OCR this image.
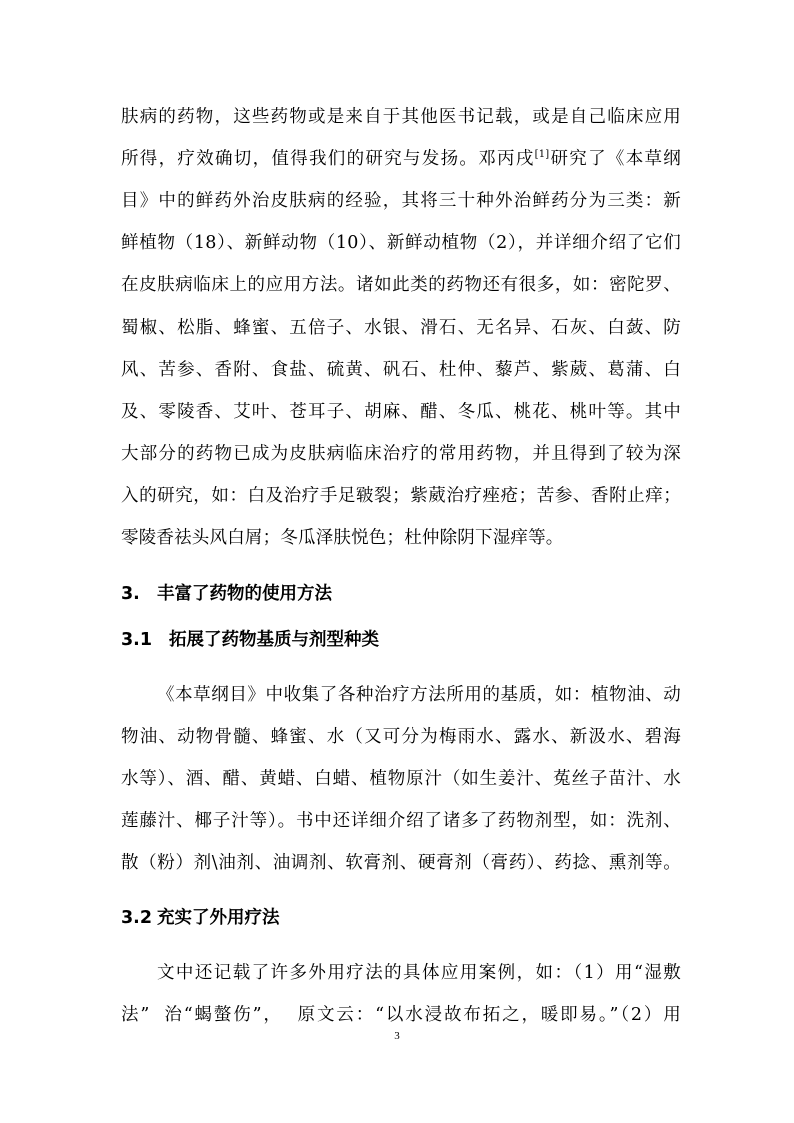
肤病的药物，这些药物或是来自于其他医书记载，或是自己临床应用
所得，疗效确切，值得我们的研究与发扬。邓丙戌[1]研究了《本草纲
目》中的鲜药外治皮肤病的经验，其将三十种外治鲜药分为三类：新
鲜植物（18）、新鲜动物（10）、新鲜动植物（2），并详细介绍了它们
在皮肤病临床上的应用方法。诸如此类的药物还有很多，如：密陀罗、
蜀椒、松脂、蜂蜜、五倍子、水银、滑石、无名异、石灰、白蔹、防
风、苦参、香附、食盐、硫黄、矾石、杜仲、藜芦、紫葳、葛蒲、白
及、零陵香、艾叶、苍耳子、胡麻、醋、冬瓜、桃花、桃叶等。其中
大部分的药物已成为皮肤病临床治疗的常用药物，并且得到了较为深
入的研究，如：白及治疗手足皲裂；紫葳治疗痤疮；苦参、香附止痒；
零陵香祛头风白屑；冬瓜泽肤悦色；杜仲除阴下湿痒等。
3. 丰富了药物的使用方法
3.1 拓展了药物基质与剂型种类
《本草纲目》中收集了各种治疗方法所用的基质，如：植物油、动
物油、动物骨髓、蜂蜜、水（又可分为梅雨水、露水、新汲水、碧海
水等）、酒、醋、黄蜡、白蜡、植物原汁（如生姜汁、菟丝子苗汁、水
莲藤汁、椰子汁等）。书中还详细介绍了诸多了药物剂型，如：洗剂、
散（粉）剂\油剂、油调剂、软膏剂、硬膏剂（膏药）、药捻、熏剂等。
3.2 充实了外用疗法
文中还记载了许多外用疗法的具体应用案例，如：（1）用“湿敷
法”  治“蝎螫伤”，  原文云：“以水浸故布拓之，暖即易。”（2）用
3
